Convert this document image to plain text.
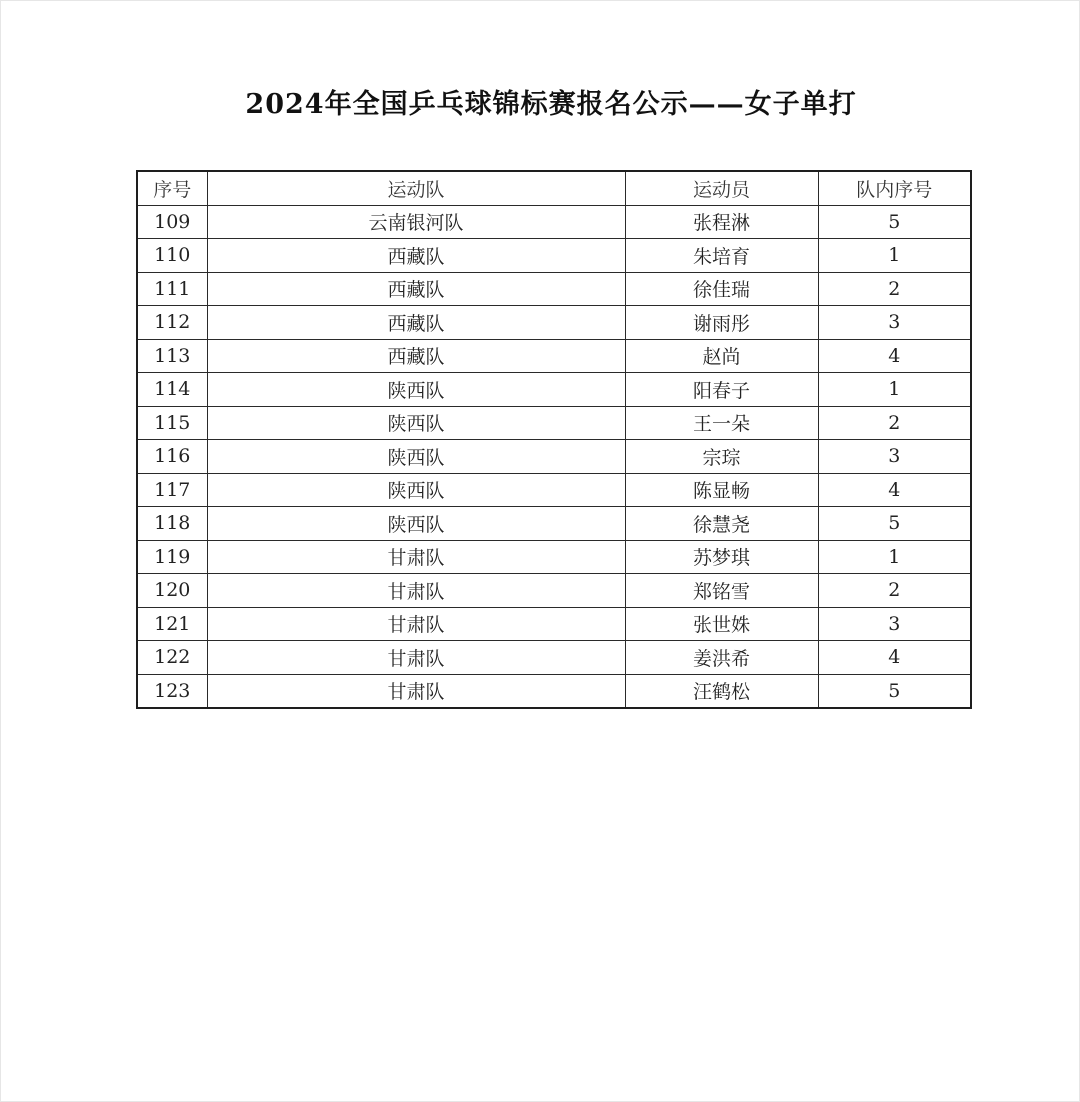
2024年全国乒乓球锦标赛报名公示——女子单打
序号	运动队	运动员	队内序号
109	云南银河队	张程淋	5
110	西藏队	朱培育	1
111	西藏队	徐佳瑞	2
112	西藏队	谢雨彤	3
113	西藏队	赵尚	4
114	陕西队	阳春子	1
115	陕西队	王一朵	2
116	陕西队	宗琮	3
117	陕西队	陈显畅	4
118	陕西队	徐慧尧	5
119	甘肃队	苏梦琪	1
120	甘肃队	郑铭雪	2
121	甘肃队	张世姝	3
122	甘肃队	姜洪希	4
123	甘肃队	汪鹤松	5
